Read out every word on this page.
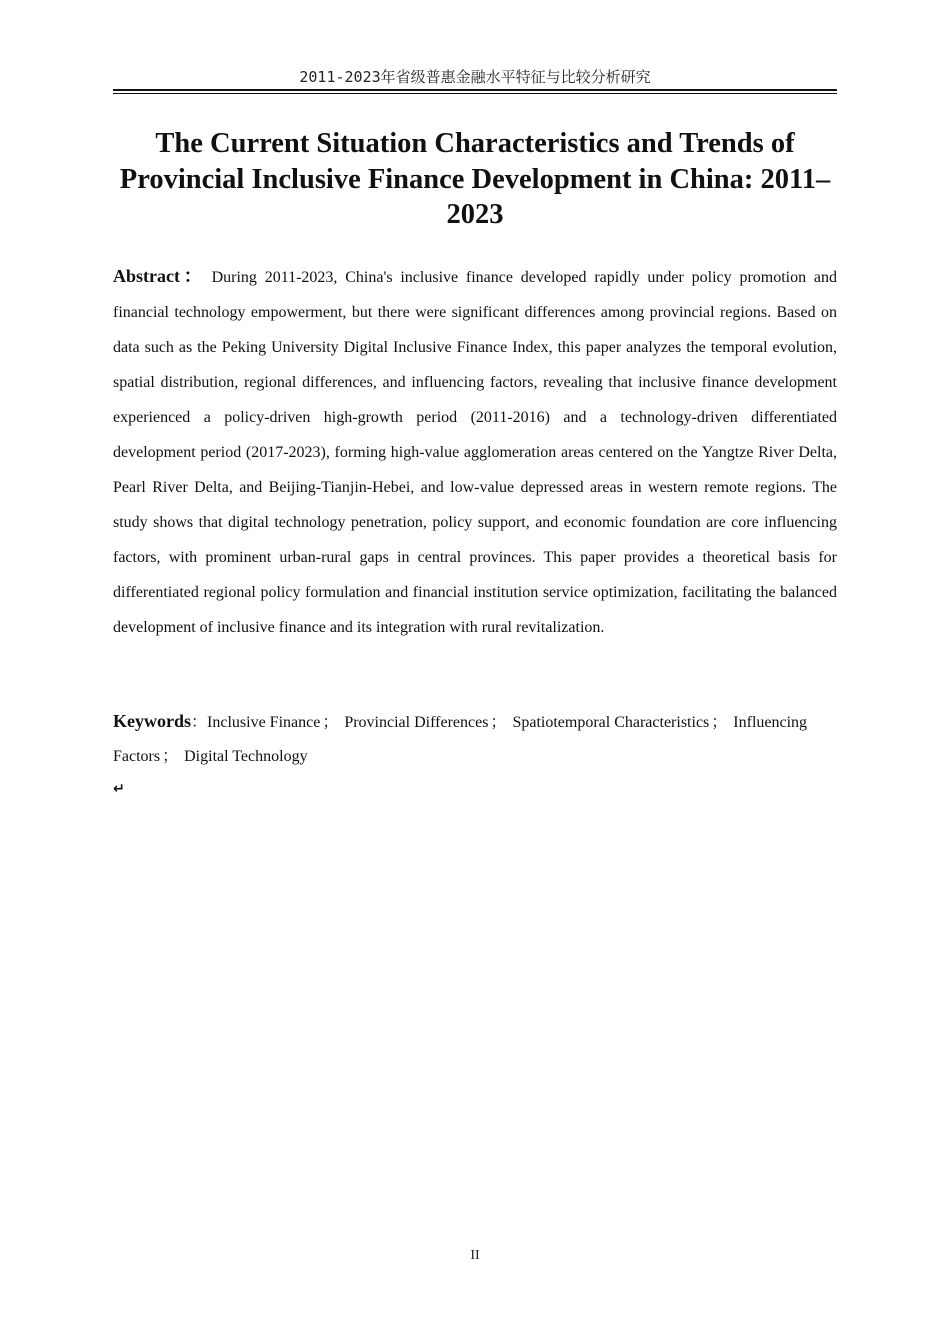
2011-2023年省级普惠金融水平特征与比较分析研究
The Current Situation Characteristics and Trends of Provincial Inclusive Finance Development in China: 2011–2023

Abstract： During 2011-2023, China's inclusive finance developed rapidly under policy promotion and financial technology empowerment, but there were significant differences among provincial regions. Based on data such as the Peking University Digital Inclusive Finance Index, this paper analyzes the temporal evolution, spatial distribution, regional differences, and influencing factors, revealing that inclusive finance development experienced a policy-driven high-growth period (2011-2016) and a technology-driven differentiated development period (2017-2023), forming high-value agglomeration areas centered on the Yangtze River Delta, Pearl River Delta, and Beijing-Tianjin-Hebei, and low-value depressed areas in western remote regions. The study shows that digital technology penetration, policy support, and economic foundation are core influencing factors, with prominent urban-rural gaps in central provinces. This paper provides a theoretical basis for differentiated regional policy formulation and financial institution service optimization, facilitating the balanced development of inclusive finance and its integration with rural revitalization.

Keywords：Inclusive Finance ； Provincial Differences ； Spatiotemporal Characteristics ； Influencing Factors ； Digital Technology

↵
II
